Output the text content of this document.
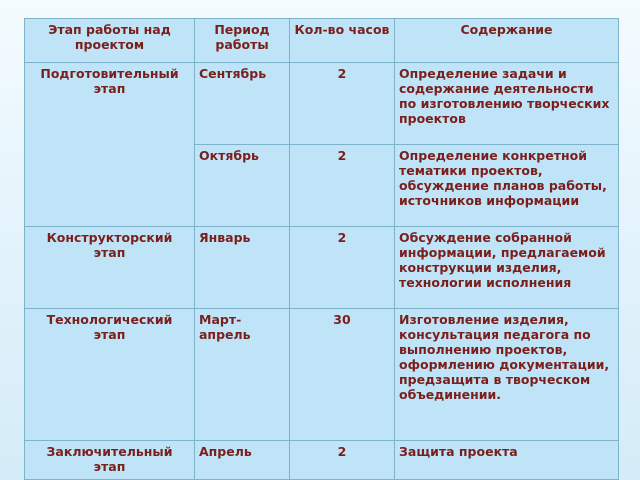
Этап работы над проектом	Период работы	Кол-во часов	Содержание
Подготовительный этап	Сентябрь	2	Определение задачи и содержание деятельности по изготовлению творческих проектов
	Октябрь	2	Определение конкретной тематики проектов, обсуждение планов работы, источников информации
Конструкторский этап	Январь	2	Обсуждение собранной информации, предлагаемой конструкции изделия, технологии исполнения
Технологический этап	Март-апрель	30	Изготовление изделия, консультация педагога по выполнению проектов, оформлению документации, предзащита в творческом объединении.
Заключительный этап	Апрель	2	Защита проекта
